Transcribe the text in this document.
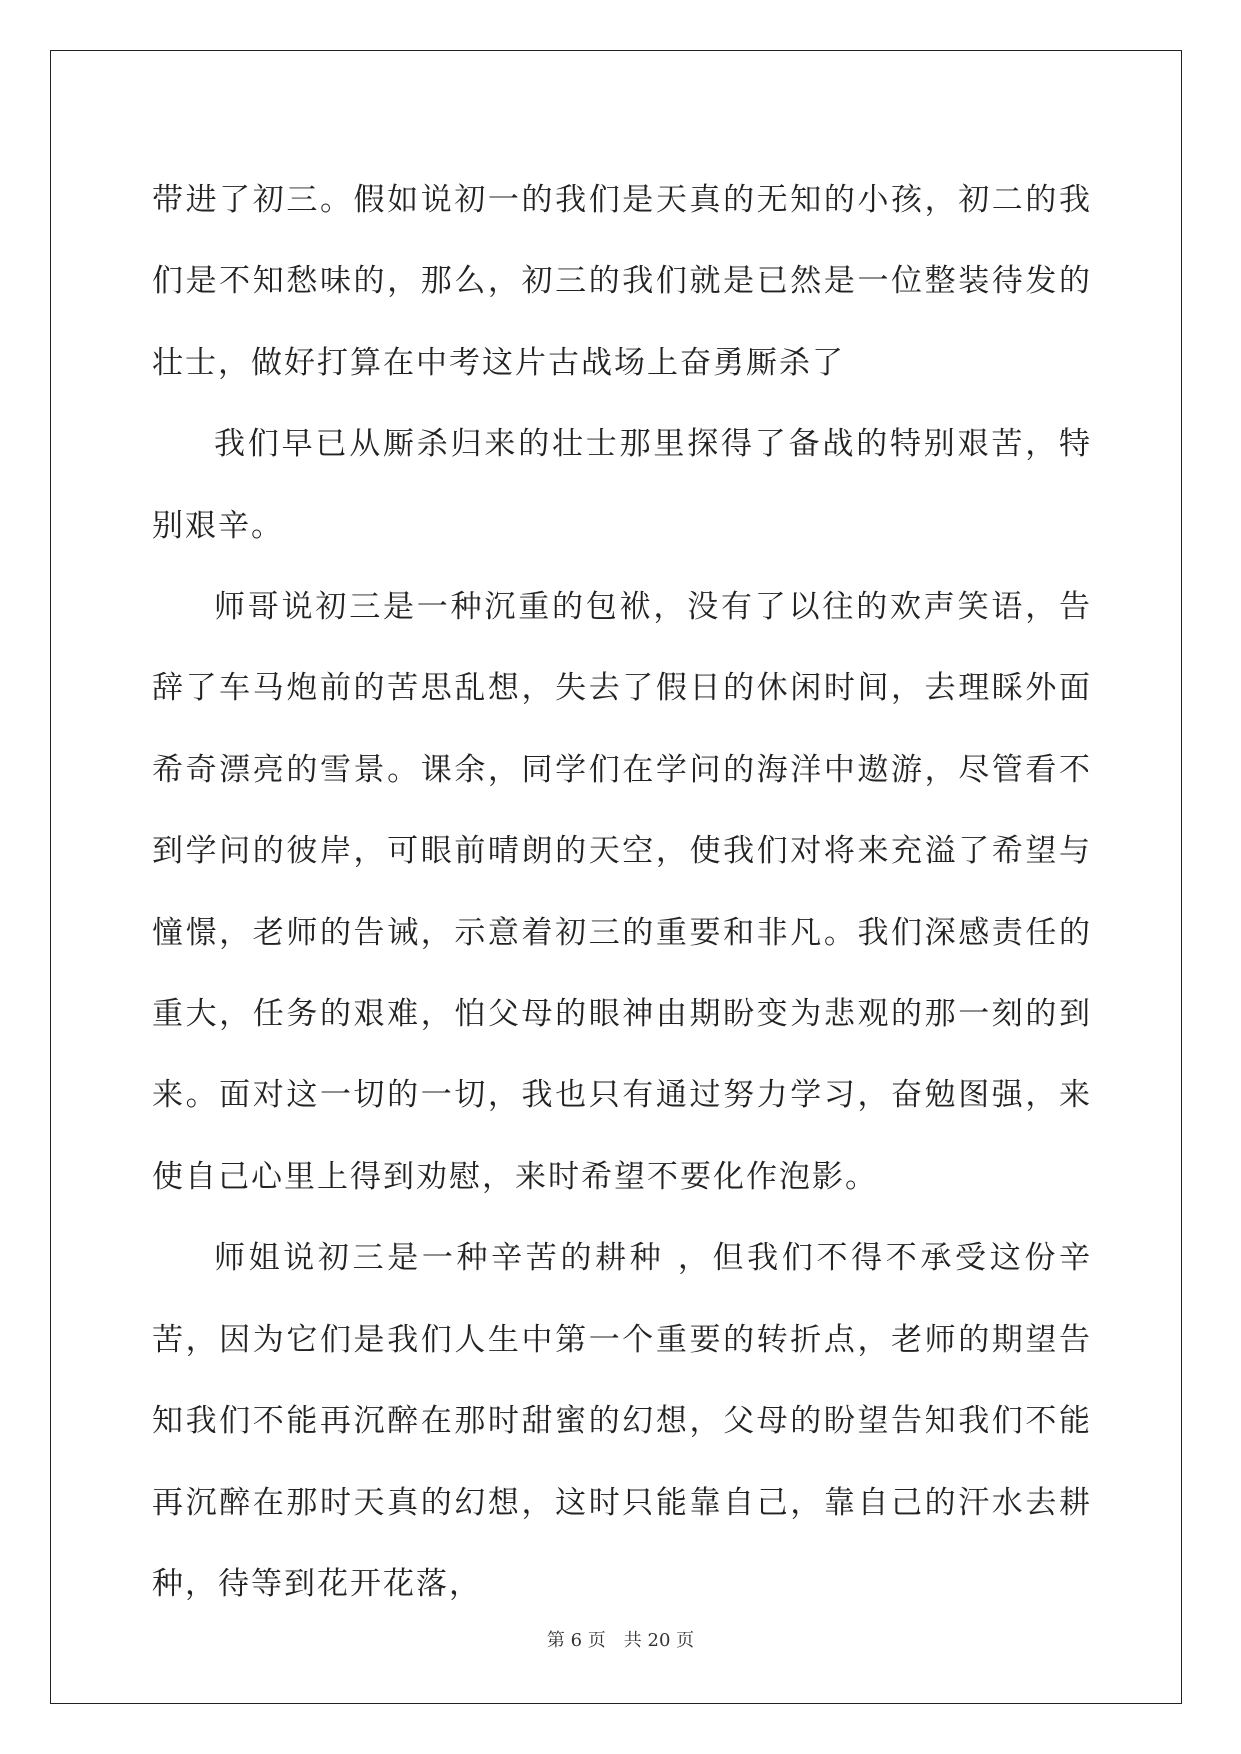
带进了初三。假如说初一的我们是天真的无知的小孩，初二的我们是不知愁味的，那么，初三的我们就是已然是一位整装待发的壮士，做好打算在中考这片古战场上奋勇厮杀了

我们早已从厮杀归来的壮士那里探得了备战的特别艰苦，特别艰辛。

师哥说初三是一种沉重的包袱，没有了以往的欢声笑语，告辞了车马炮前的苦思乱想，失去了假日的休闲时间，去理睬外面希奇漂亮的雪景。课余，同学们在学问的海洋中遨游，尽管看不到学问的彼岸，可眼前晴朗的天空，使我们对将来充溢了希望与憧憬，老师的告诫，示意着初三的重要和非凡。我们深感责任的重大，任务的艰难，怕父母的眼神由期盼变为悲观的那一刻的到来。面对这一切的一切，我也只有通过努力学习，奋勉图强，来使自己心里上得到劝慰，来时希望不要化作泡影。

师姐说初三是一种辛苦的耕种 ，但我们不得不承受这份辛苦，因为它们是我们人生中第一个重要的转折点，老师的期望告知我们不能再沉醉在那时甜蜜的幻想，父母的盼望告知我们不能再沉醉在那时天真的幻想，这时只能靠自己，靠自己的汗水去耕种，待等到花开花落，

第 6 页　共 20 页
